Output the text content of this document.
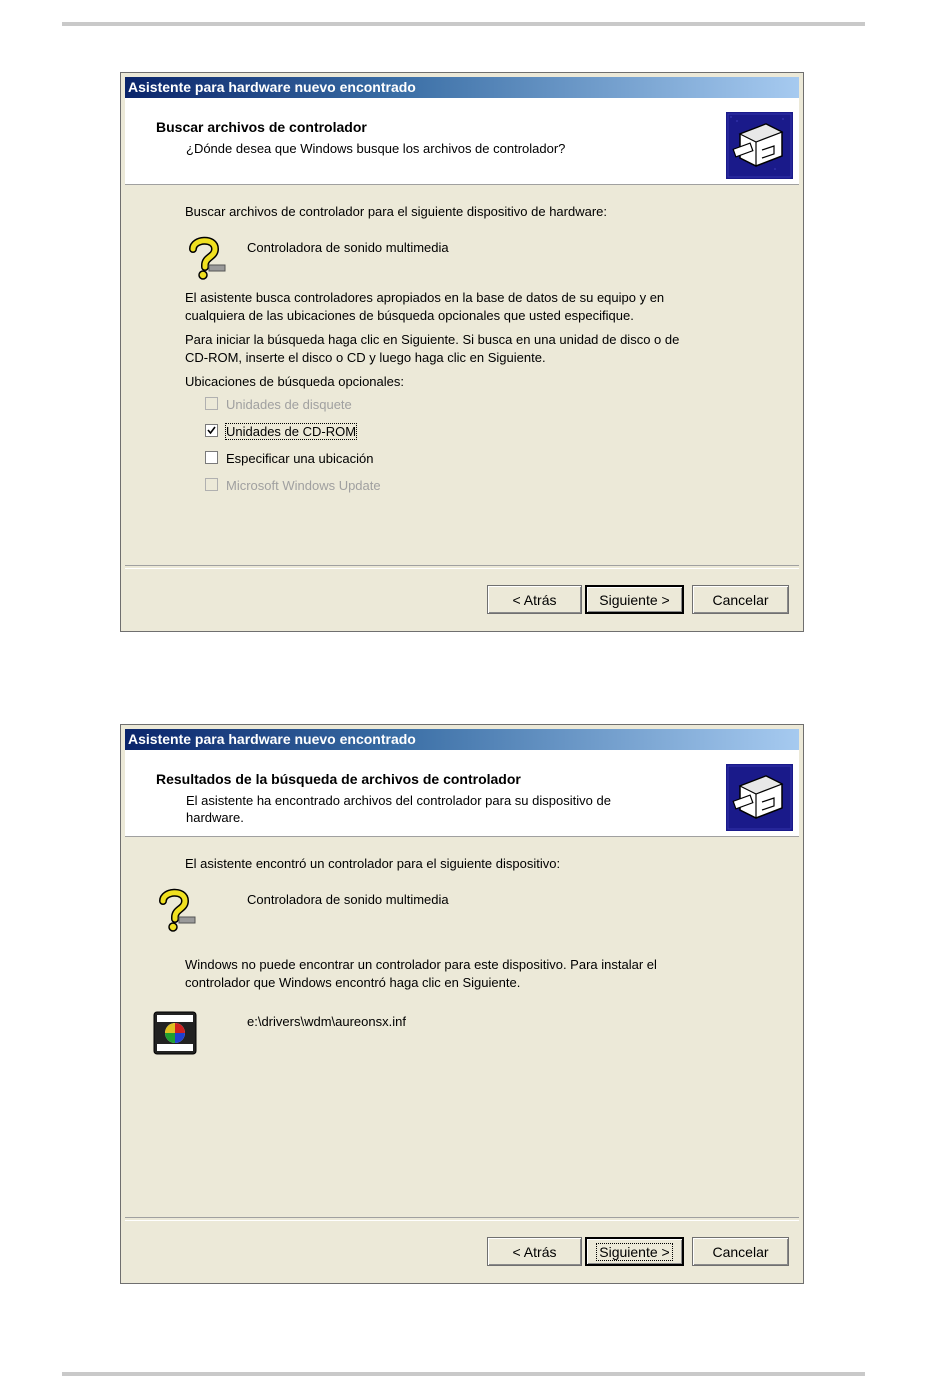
Asistente para hardware nuevo encontrado
Buscar archivos de controlador
¿Dónde desea que Windows busque los archivos de controlador?
Buscar archivos de controlador para el siguiente dispositivo de hardware:
Controladora de sonido multimedia
El asistente busca controladores apropiados en la base de datos de su equipo y en
cualquiera de las ubicaciones de búsqueda opcionales que usted especifique.
Para iniciar la búsqueda haga clic en Siguiente. Si busca en una unidad de disco o de
CD-ROM, inserte el disco o CD y luego haga clic en Siguiente.
Ubicaciones de búsqueda opcionales:
Unidades de disquete
Unidades de CD-ROM
Especificar una ubicación
Microsoft Windows Update
< Atrás	Siguiente >	Cancelar
Asistente para hardware nuevo encontrado
Resultados de la búsqueda de archivos de controlador
El asistente ha encontrado archivos del controlador para su dispositivo de
hardware.
El asistente encontró un controlador para el siguiente dispositivo:
Controladora de sonido multimedia
Windows no puede encontrar un controlador para este dispositivo. Para instalar el
controlador que Windows encontró haga clic en Siguiente.
e:\drivers\wdm\aureonsx.inf
< Atrás	Siguiente >	Cancelar
